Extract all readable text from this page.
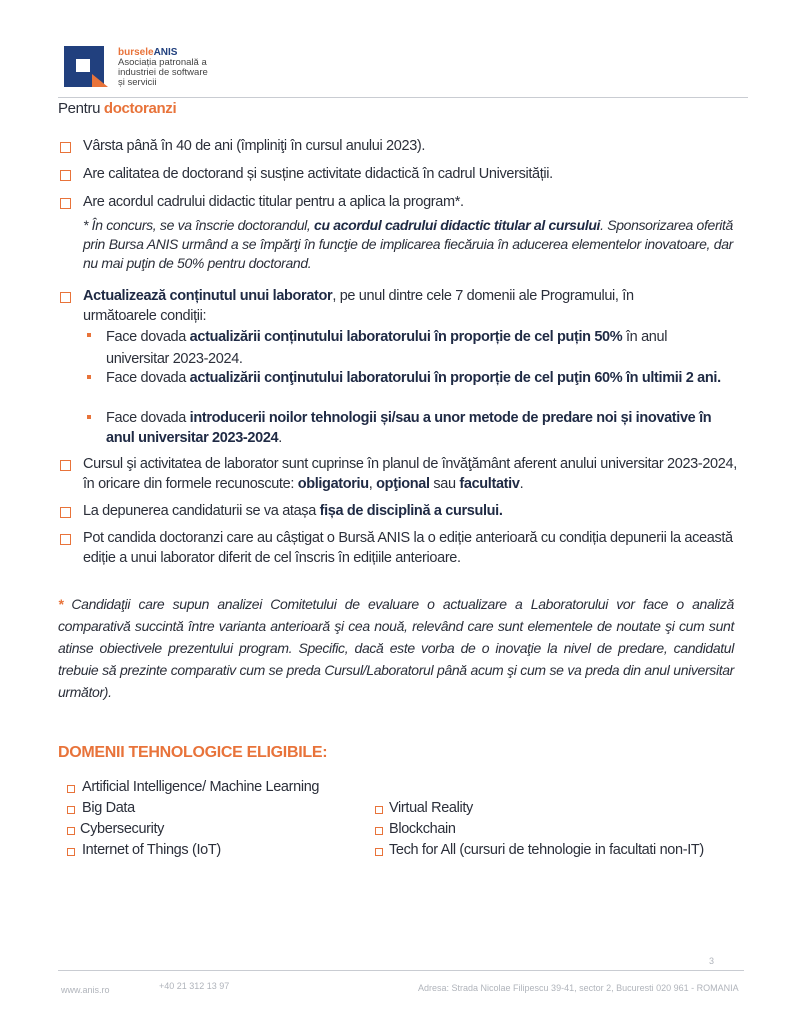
burseleANIS
Asociația patronală a
industriei de software
și servicii
Pentru doctoranzi
Vârsta până în 40 de ani (împliniţi în cursul anului 2023).
Are calitatea de doctorand și susține activitate didactică în cadrul Universității.
Are acordul cadrului didactic titular pentru a aplica la program*.
* În concurs, se va înscrie doctorandul, cu acordul cadrului didactic titular al cursului. Sponsorizarea oferită prin Bursa ANIS urmând a se împărţi în funcţie de implicarea fiecăruia în aducerea elementelor inovatoare, dar nu mai puţin de 50% pentru doctorand.
Actualizează conținutul unui laborator, pe unul dintre cele 7 domenii ale Programului, în următoarele condiții:
Face dovada actualizării conținutului laboratorului în proporție de cel puțin 50% în anul universitar 2023-2024.
Face dovada actualizării conţinutului laboratorului în proporție de cel puţin 60% în ultimii 2 ani.
Face dovada introducerii noilor tehnologii și/sau a unor metode de predare noi și inovative în anul universitar 2023-2024.
Cursul şi activitatea de laborator sunt cuprinse în planul de învăţământ aferent anului universitar 2023-2024, în oricare din formele recunoscute: obligatoriu, opţional sau facultativ.
La depunerea candidaturii se va atașa fișa de disciplină a cursului.
Pot candida doctoranzi care au câștigat o Bursă ANIS la o ediție anterioară cu condiția depunerii la această ediție a unui laborator diferit de cel înscris în edițiile anterioare.
* Candidaţii care supun analizei Comitetului de evaluare o actualizare a Laboratorului vor face o analiză comparativă succintă între varianta anterioară şi cea nouă, relevând care sunt elementele de noutate şi cum sunt atinse obiectivele prezentului program. Specific, dacă este vorba de o inovaţie la nivel de predare, candidatul trebuie să prezinte comparativ cum se preda Cursul/Laboratorul până acum şi cum se va preda din anul universitar următor).
DOMENII TEHNOLOGICE ELIGIBILE:
Artificial Intelligence/ Machine Learning
Big Data
Cybersecurity
Internet of Things (IoT)
Virtual Reality
Blockchain
Tech for All (cursuri de tehnologie in facultati non-IT)
3
www.anis.ro	+40 21 312 13 97	Adresa: Strada Nicolae Filipescu 39-41, sector 2, Bucuresti 020 961 - ROMANIA
